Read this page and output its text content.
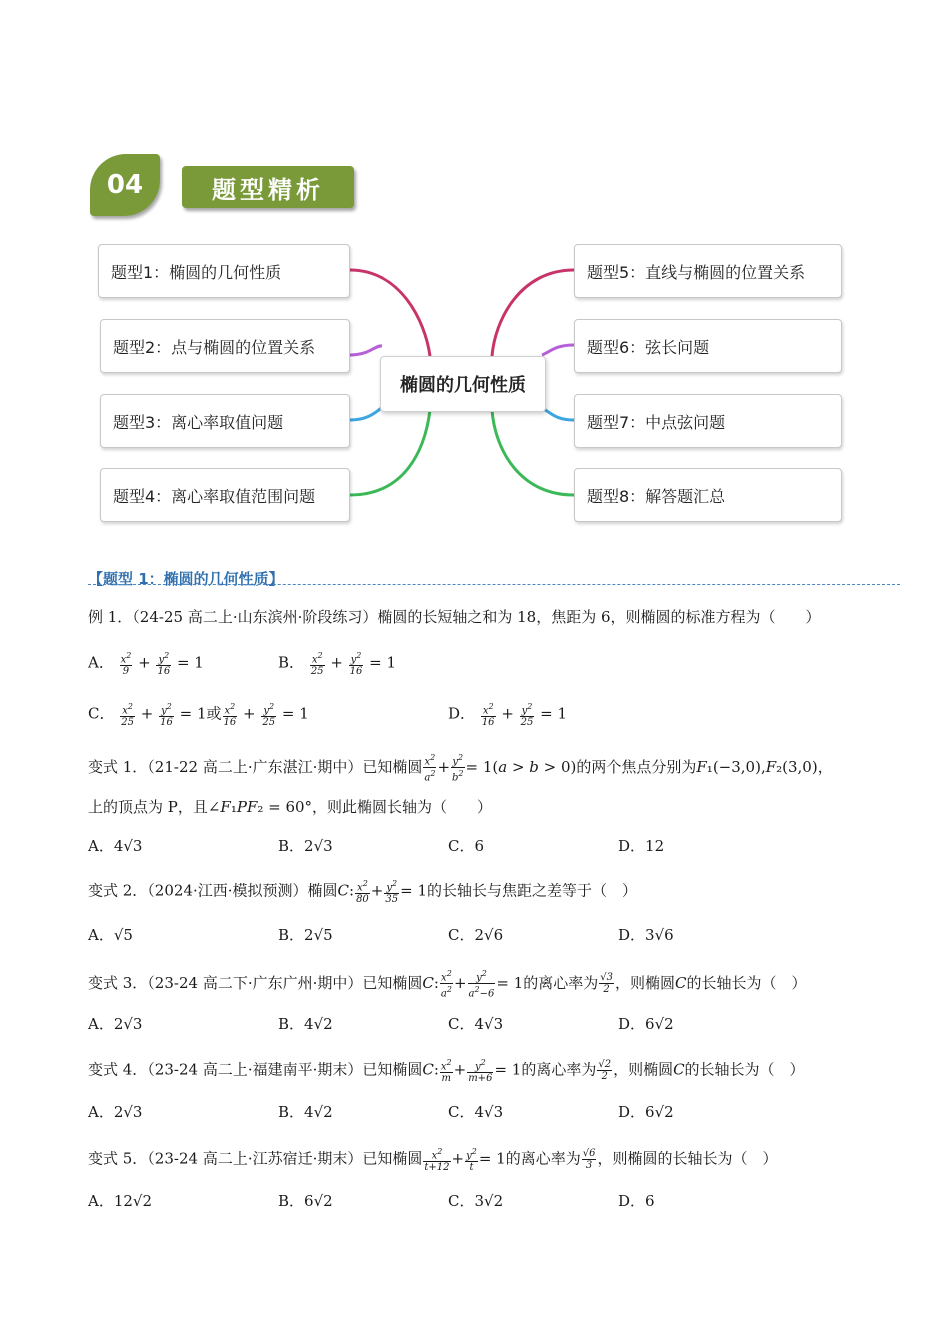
04	题型精析
题型1：椭圆的几何性质
题型2：点与椭圆的位置关系
题型3：离心率取值问题
题型4：离心率取值范围问题
题型5：直线与椭圆的位置关系
题型6：弦长问题
题型7：中点弦问题
题型8：解答题汇总
椭圆的几何性质
【题型 1：椭圆的几何性质】
例 1．（24-25 高二上·山东滨州·阶段练习）椭圆的长短轴之和为 18，焦距为 6，则椭圆的标准方程为（　　）
A． $\frac{x^2}{9} + \frac{y^2}{16} = 1$	B． $\frac{x^2}{25} + \frac{y^2}{16} = 1$
C． $\frac{x^2}{25} + \frac{y^2}{16} = 1$或 $\frac{x^2}{16} + \frac{y^2}{25} = 1$	D． $\frac{x^2}{16} + \frac{y^2}{25} = 1$
变式 1．（21-22 高二上·广东湛江·期中）已知椭圆 $\frac{x^2}{a^2} + \frac{y^2}{b^2}$ = 1(𝑎 > 𝑏 > 0)的两个焦点分别为𝐹₁(−3,0),𝐹₂(3,0)，
上的顶点为 P，且∠𝐹₁𝑃𝐹₂ = 60°，则此椭圆长轴为（　　）
A．4√3	B．2√3	C．6	D．12
变式 2．（2024·江西·模拟预测）椭圆𝐶: $\frac{x^2}{80} + \frac{y^2}{35} = 1$的长轴长与焦距之差等于（　）
A．√5	B．2√5	C．2√6	D．3√6
变式 3．（23-24 高二下·广东广州·期中）已知椭圆𝐶: $\frac{x^2}{a^2} + \frac{y^2}{a^2-6} = 1$的离心率为 $\frac{√3}{2}$ ，则椭圆𝐶的长轴长为（　）
A．2√3	B．4√2	C．4√3	D．6√2
变式 4．（23-24 高二上·福建南平·期末）已知椭圆𝐶: $\frac{x^2}{m} + \frac{y^2}{m+6} = 1$的离心率为 $\frac{√2}{2}$ ，则椭圆𝐶的长轴长为（　）
A．2√3	B．4√2	C．4√3	D．6√2
变式 5．（23-24 高二上·江苏宿迁·期末）已知椭圆 $\frac{x^2}{t+12} + \frac{y^2}{t} = 1$的离心率为 $\frac{√6}{3}$ ，则椭圆的长轴长为（　）
A．12√2	B．6√2	C．3√2	D．6
